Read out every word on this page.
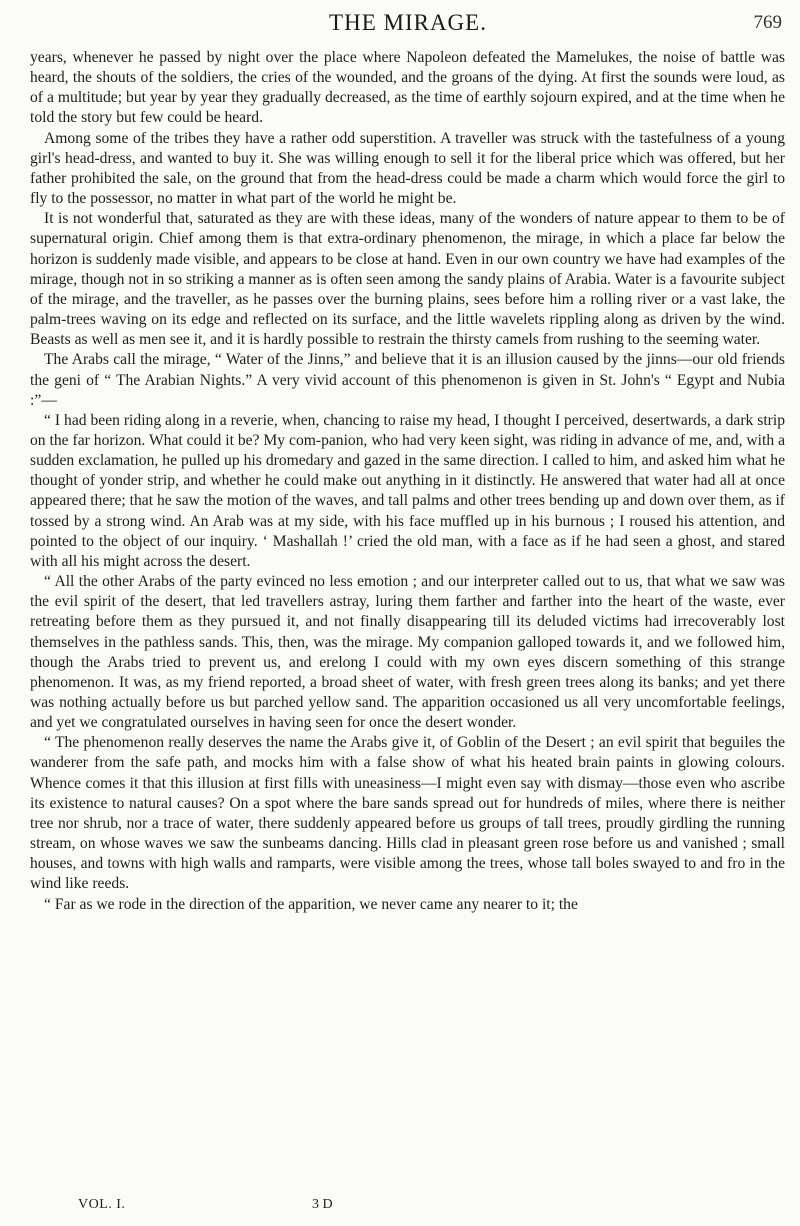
THE MIRAGE.	769

years, whenever he passed by night over the place where Napoleon defeated the Mamelukes, the noise of battle was heard, the shouts of the soldiers, the cries of the wounded, and the groans of the dying. At first the sounds were loud, as of a multitude; but year by year they gradually decreased, as the time of earthly sojourn expired, and at the time when he told the story but few could be heard.

Among some of the tribes they have a rather odd superstition. A traveller was struck with the tastefulness of a young girl's head-dress, and wanted to buy it. She was willing enough to sell it for the liberal price which was offered, but her father prohibited the sale, on the ground that from the head-dress could be made a charm which would force the girl to fly to the possessor, no matter in what part of the world he might be.

It is not wonderful that, saturated as they are with these ideas, many of the wonders of nature appear to them to be of supernatural origin. Chief among them is that extra-ordinary phenomenon, the mirage, in which a place far below the horizon is suddenly made visible, and appears to be close at hand. Even in our own country we have had examples of the mirage, though not in so striking a manner as is often seen among the sandy plains of Arabia. Water is a favourite subject of the mirage, and the traveller, as he passes over the burning plains, sees before him a rolling river or a vast lake, the palm-trees waving on its edge and reflected on its surface, and the little wavelets rippling along as driven by the wind. Beasts as well as men see it, and it is hardly possible to restrain the thirsty camels from rushing to the seeming water.

The Arabs call the mirage, “ Water of the Jinns,” and believe that it is an illusion caused by the jinns—our old friends the geni of “ The Arabian Nights.” A very vivid account of this phenomenon is given in St. John's “ Egypt and Nubia :”—

“ I had been riding along in a reverie, when, chancing to raise my head, I thought I perceived, desertwards, a dark strip on the far horizon. What could it be? My com-panion, who had very keen sight, was riding in advance of me, and, with a sudden exclamation, he pulled up his dromedary and gazed in the same direction. I called to him, and asked him what he thought of yonder strip, and whether he could make out anything in it distinctly. He answered that water had all at once appeared there; that he saw the motion of the waves, and tall palms and other trees bending up and down over them, as if tossed by a strong wind. An Arab was at my side, with his face muffled up in his burnous ; I roused his attention, and pointed to the object of our inquiry. ‘ Mashallah !’ cried the old man, with a face as if he had seen a ghost, and stared with all his might across the desert.

“ All the other Arabs of the party evinced no less emotion ; and our interpreter called out to us, that what we saw was the evil spirit of the desert, that led travellers astray, luring them farther and farther into the heart of the waste, ever retreating before them as they pursued it, and not finally disappearing till its deluded victims had irrecoverably lost themselves in the pathless sands. This, then, was the mirage. My companion galloped towards it, and we followed him, though the Arabs tried to prevent us, and erelong I could with my own eyes discern something of this strange phenomenon. It was, as my friend reported, a broad sheet of water, with fresh green trees along its banks; and yet there was nothing actually before us but parched yellow sand. The apparition occasioned us all very uncomfortable feelings, and yet we congratulated ourselves in having seen for once the desert wonder.

“ The phenomenon really deserves the name the Arabs give it, of Goblin of the Desert ; an evil spirit that beguiles the wanderer from the safe path, and mocks him with a false show of what his heated brain paints in glowing colours. Whence comes it that this illusion at first fills with uneasiness—I might even say with dismay—those even who ascribe its existence to natural causes? On a spot where the bare sands spread out for hundreds of miles, where there is neither tree nor shrub, nor a trace of water, there suddenly appeared before us groups of tall trees, proudly girdling the running stream, on whose waves we saw the sunbeams dancing. Hills clad in pleasant green rose before us and vanished ; small houses, and towns with high walls and ramparts, were visible among the trees, whose tall boles swayed to and fro in the wind like reeds.

“ Far as we rode in the direction of the apparition, we never came any nearer to it; the

VOL. I.	3 D
